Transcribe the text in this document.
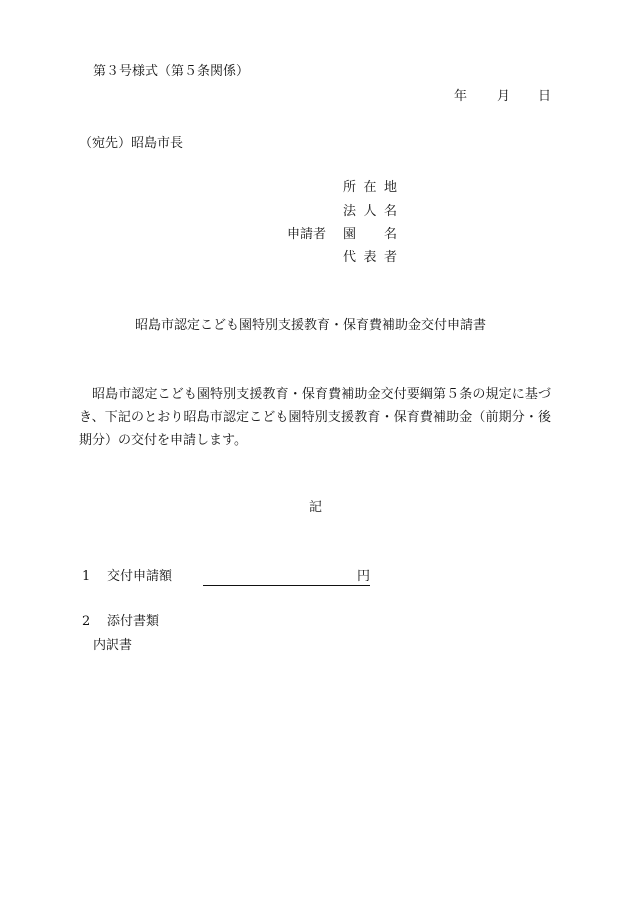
第３号様式（第５条関係）
年 月 日
（宛先）昭島市長
申請者
所 在 地
法 人 名
園 名
代 表 者
昭島市認定こども園特別支援教育・保育費補助金交付申請書
昭島市認定こども園特別支援教育・保育費補助金交付要綱第５条の規定に基づき、下記のとおり昭島市認定こども園特別支援教育・保育費補助金（前期分・後期分）の交付を申請します。
記
1 交付申請額	円
2 添付書類
内訳書
